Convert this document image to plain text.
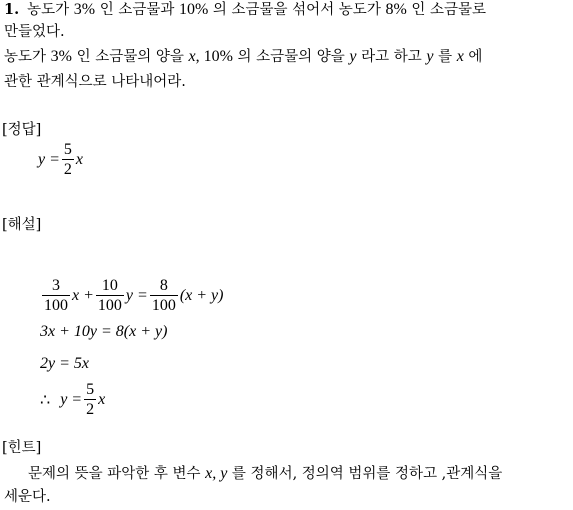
1. 농도가 3% 인 소금물과 10% 의 소금물을 섞어서 농도가 8% 인 소금물로
만들었다.
농도가 3% 인 소금물의 양을 x, 10% 의 소금물의 양을 y 라고 하고 y 를 x 에
관한 관계식으로 나타내어라.
[정답]
$y = \frac{5}{2}$ x
[해설]
$\frac{3}{100}$ $x + \frac{10}{100}$ $y = \frac{8}{100} (x + y)$
3x + 10y = 8(x + y)
2y = 5x
∴ $y = \frac{5}{2}$ x
[힌트]
문제의 뜻을 파악한 후 변수 x, y 를 정해서, 정의역 범위를 정하고 ,관계식을
세운다.
